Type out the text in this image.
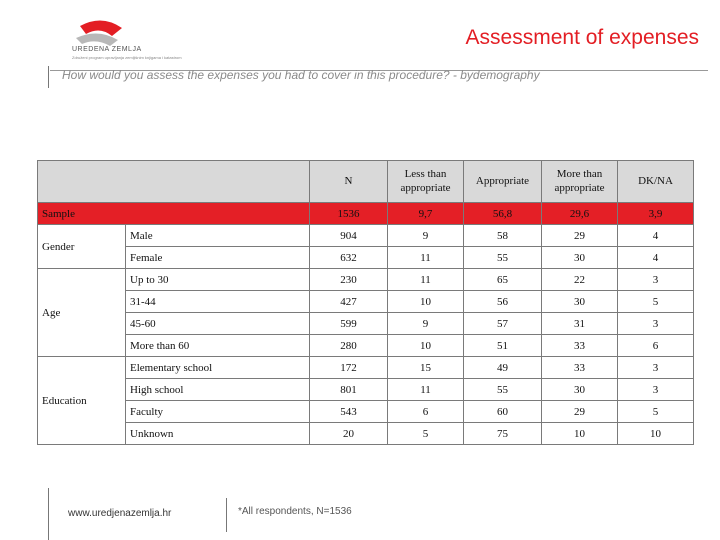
UREDENA ZEMLJA
Združeni program upravljanja zemljišnim knjigama i katastrom
Assessment of expenses
How would you assess the expenses you had to cover in this procedure? - bydemography
		N	Less than appropriate	Appropriate	More than appropriate	DK/NA
Sample		1536	9,7	56,8	29,6	3,9
Gender	Male	904	9	58	29	4
	Female	632	11	55	30	4
Age	Up to 30	230	11	65	22	3
	31-44	427	10	56	30	5
	45-60	599	9	57	31	3
	More than 60	280	10	51	33	6
Education	Elementary school	172	15	49	33	3
	High school	801	11	55	30	3
	Faculty	543	6	60	29	5
	Unknown	20	5	75	10	10
www.uredjenazemlja.hr	*All respondents, N=1536
